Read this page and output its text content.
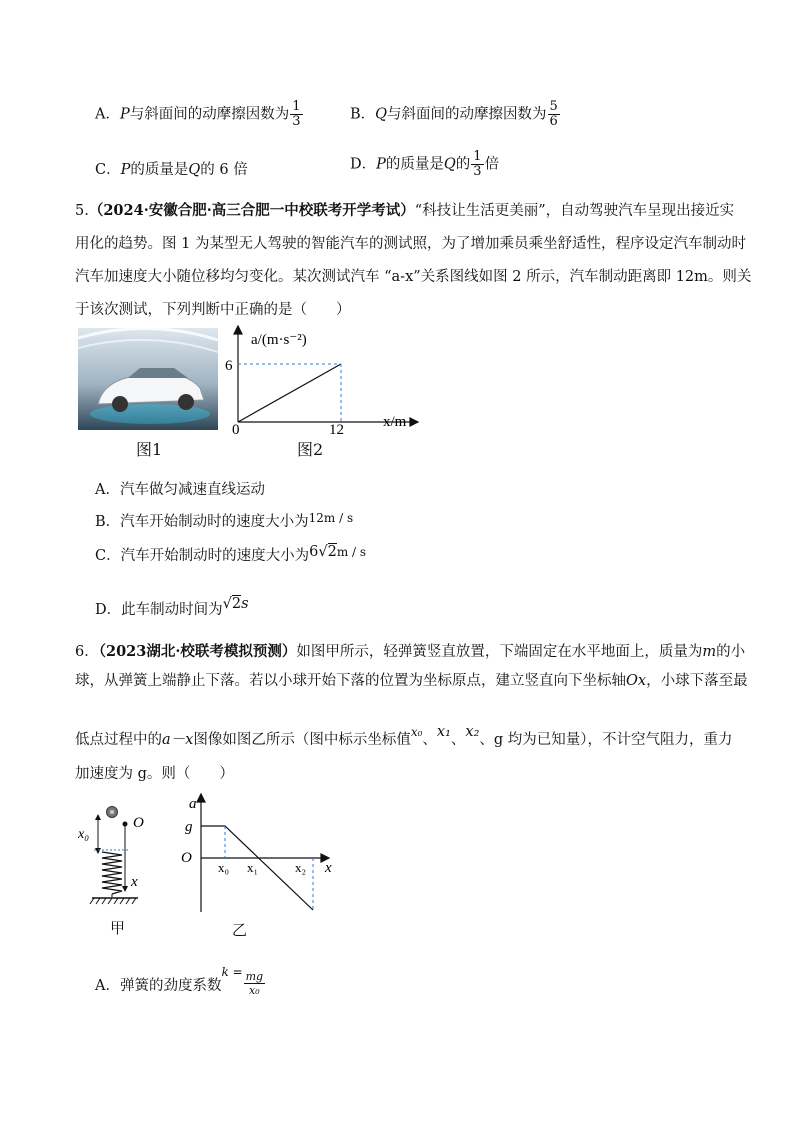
A．P与斜面间的动摩擦因数为 $\frac{1}{3}$	B．Q与斜面间的动摩擦因数为 $\frac{5}{6}$
C．P的质量是Q的 6 倍	D．P的质量是Q的 $\frac{1}{3}$ 倍
5.（2024·安徽合肥·高三合肥一中校联考开学考试）“科技让生活更美丽”，自动驾驶汽车呈现出接近实
用化的趋势。图 1 为某型无人驾驶的智能汽车的测试照，为了增加乘员乘坐舒适性，程序设定汽车制动时
汽车加速度大小随位移均匀变化。某次测试汽车 “a-x”关系图线如图 2 所示，汽车制动距离即 12m。则关
于该次测试，下列判断中正确的是（　　）
图1
6
0	12
a/(m·s⁻²)
x/m
图2
A．汽车做匀减速直线运动
B．汽车开始制动时的速度大小为$^{12m / s}$
C．汽车开始制动时的速度大小为6√2m / s
D．此车制动时间为√2s
6．（2023湖北·校联考模拟预测）如图甲所示，轻弹簧竖直放置，下端固定在水平地面上，质量为m的小
球，从弹簧上端静止下落。若以小球开始下落的位置为坐标原点，建立竖直向下坐标轴Ox，小球下落至最
低点过程中的a－x图像如图乙所示（图中标示坐标值$^{x_0}$、x₁、x₂、g 均为已知量），不计空气阻力，重力
加速度为 g。则（　　）
O
x₀
x
甲
a
g
O
x₀ x₁	x₂ x
乙
A．弹簧的劲度系数$^{k =} \frac{mg}{\text{x₀}}$
